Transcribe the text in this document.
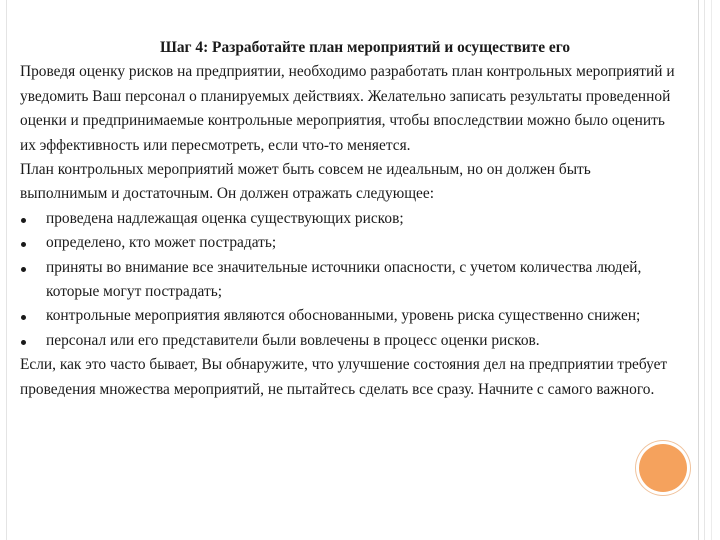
Шаг 4: Разработайте план мероприятий и осуществите его

Проведя оценку рисков на предприятии, необходимо разработать план контрольных мероприятий и уведомить Ваш персонал о планируемых действиях. Желательно записать результаты проведенной оценки и предпринимаемые контрольные мероприятия, чтобы впоследствии можно было оценить их эффективность или пересмотреть, если что-то меняется.

План контрольных мероприятий может быть совсем не идеальным, но он должен быть выполнимым и достаточным. Он должен отражать следующее:

проведена надлежащая оценка существующих рисков;
определено, кто может пострадать;
приняты во внимание все значительные источники опасности, с учетом количества людей, которые могут пострадать;
контрольные мероприятия являются обоснованными, уровень риска существенно снижен;
персонал или его представители были вовлечены в процесс оценки рисков.

Если, как это часто бывает, Вы обнаружите, что улучшение состояния дел на предприятии требует проведения множества мероприятий, не пытайтесь сделать все сразу. Начните с самого важного.
